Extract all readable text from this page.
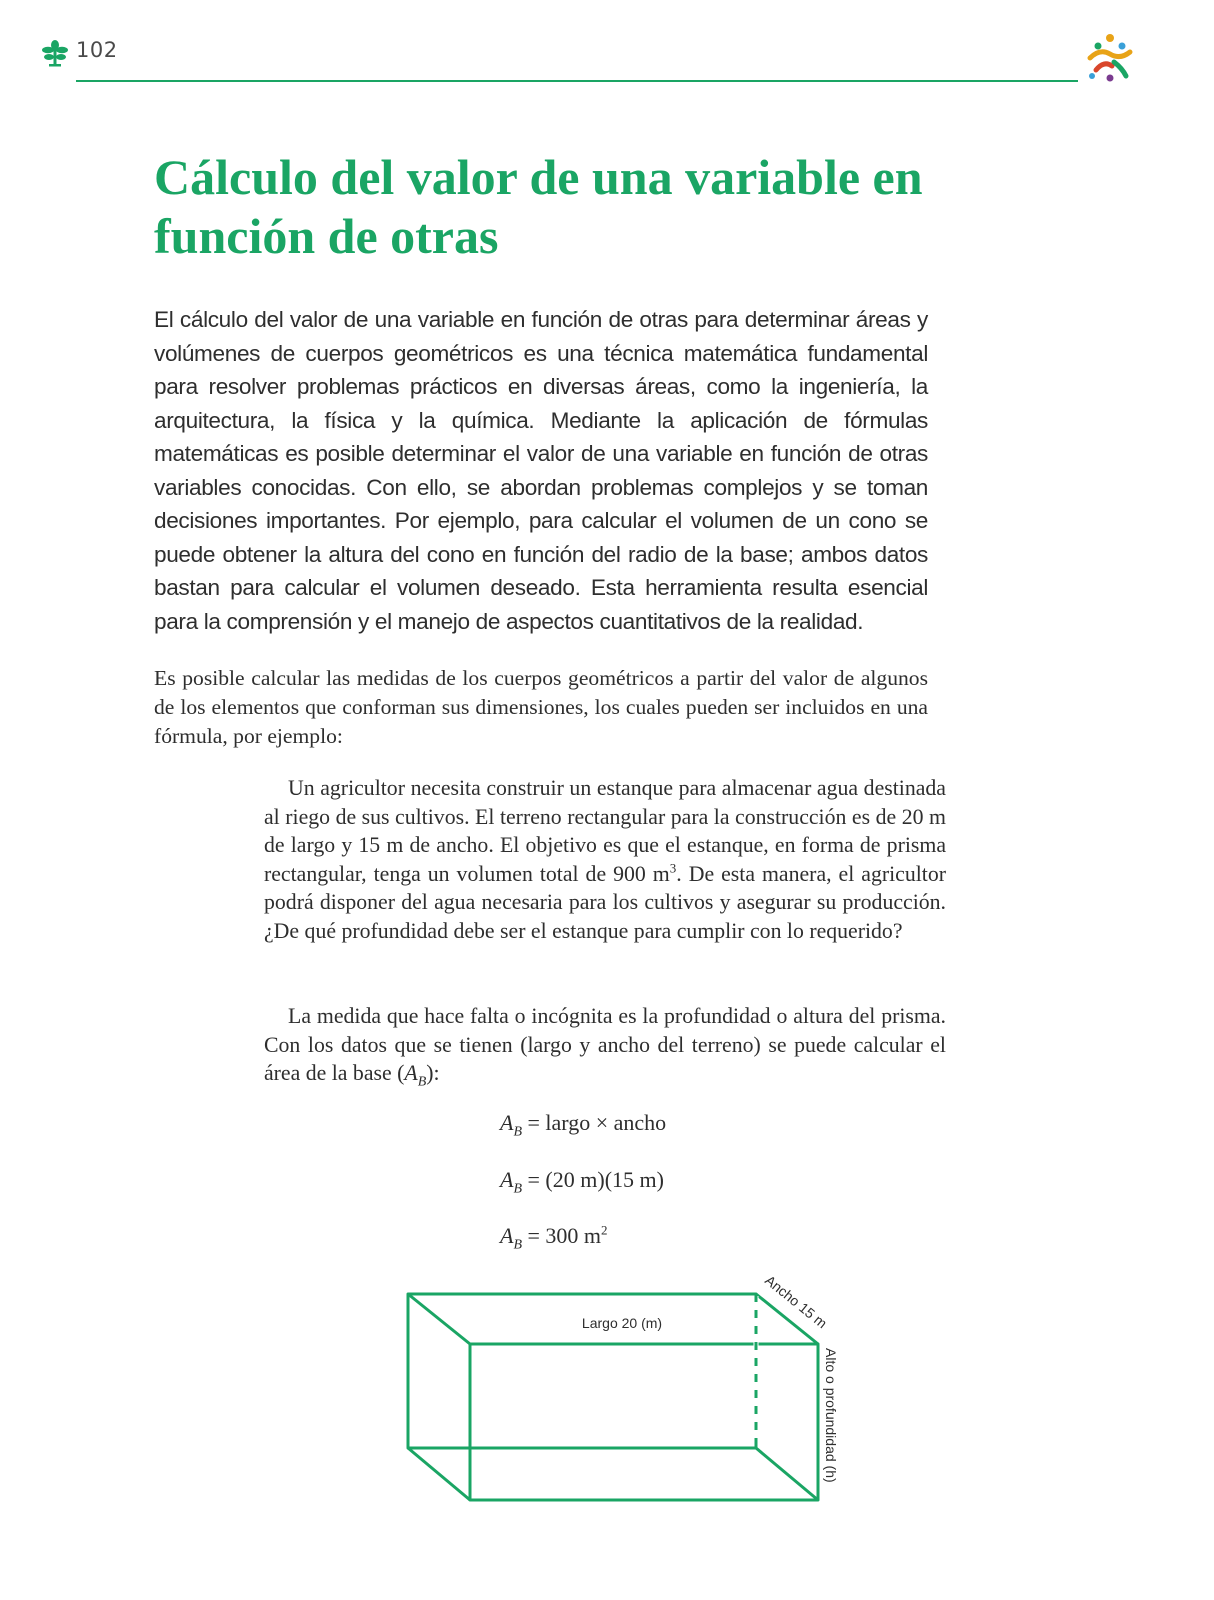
102
Cálculo del valor de una variable en función de otras

El cálculo del valor de una variable en función de otras para determinar áreas y volúmenes de cuerpos geométricos es una técnica matemática fundamental para resolver problemas prácticos en diversas áreas, como la ingeniería, la arquitectura, la física y la química. Mediante la aplicación de fórmulas matemáticas es posible determinar el valor de una variable en función de otras variables conocidas. Con ello, se abordan problemas complejos y se toman decisiones importantes. Por ejemplo, para calcular el volumen de un cono se puede obtener la altura del cono en función del radio de la base; ambos datos bastan para calcular el volumen deseado. Esta herramienta resulta esencial para la comprensión y el manejo de aspectos cuantitativos de la realidad.

Es posible calcular las medidas de los cuerpos geométricos a partir del valor de algunos de los elementos que conforman sus dimensiones, los cuales pueden ser incluidos en una fórmula, por ejemplo:

Un agricultor necesita construir un estanque para almacenar agua destinada al riego de sus cultivos. El terreno rectangular para la construcción es de 20 m de largo y 15 m de ancho. El objetivo es que el estanque, en forma de prisma rectangular, tenga un volumen total de 900 $m^3$. De esta manera, el agricultor podrá disponer del agua necesaria para los cultivos y asegurar su producción. ¿De qué profundidad debe ser el estanque para cumplir con lo requerido?

La medida que hace falta o incógnita es la profundidad o altura del prisma. Con los datos que se tienen (largo y ancho del terreno) se puede calcular el área de la base $(A_B)$:

$A_B$ = largo × ancho
$A_B = (20$ m)(15 m)
$A_B = 300$ $m^2$
Largo 20 (m)	Ancho 15 m
Alto o profundidad (h)
